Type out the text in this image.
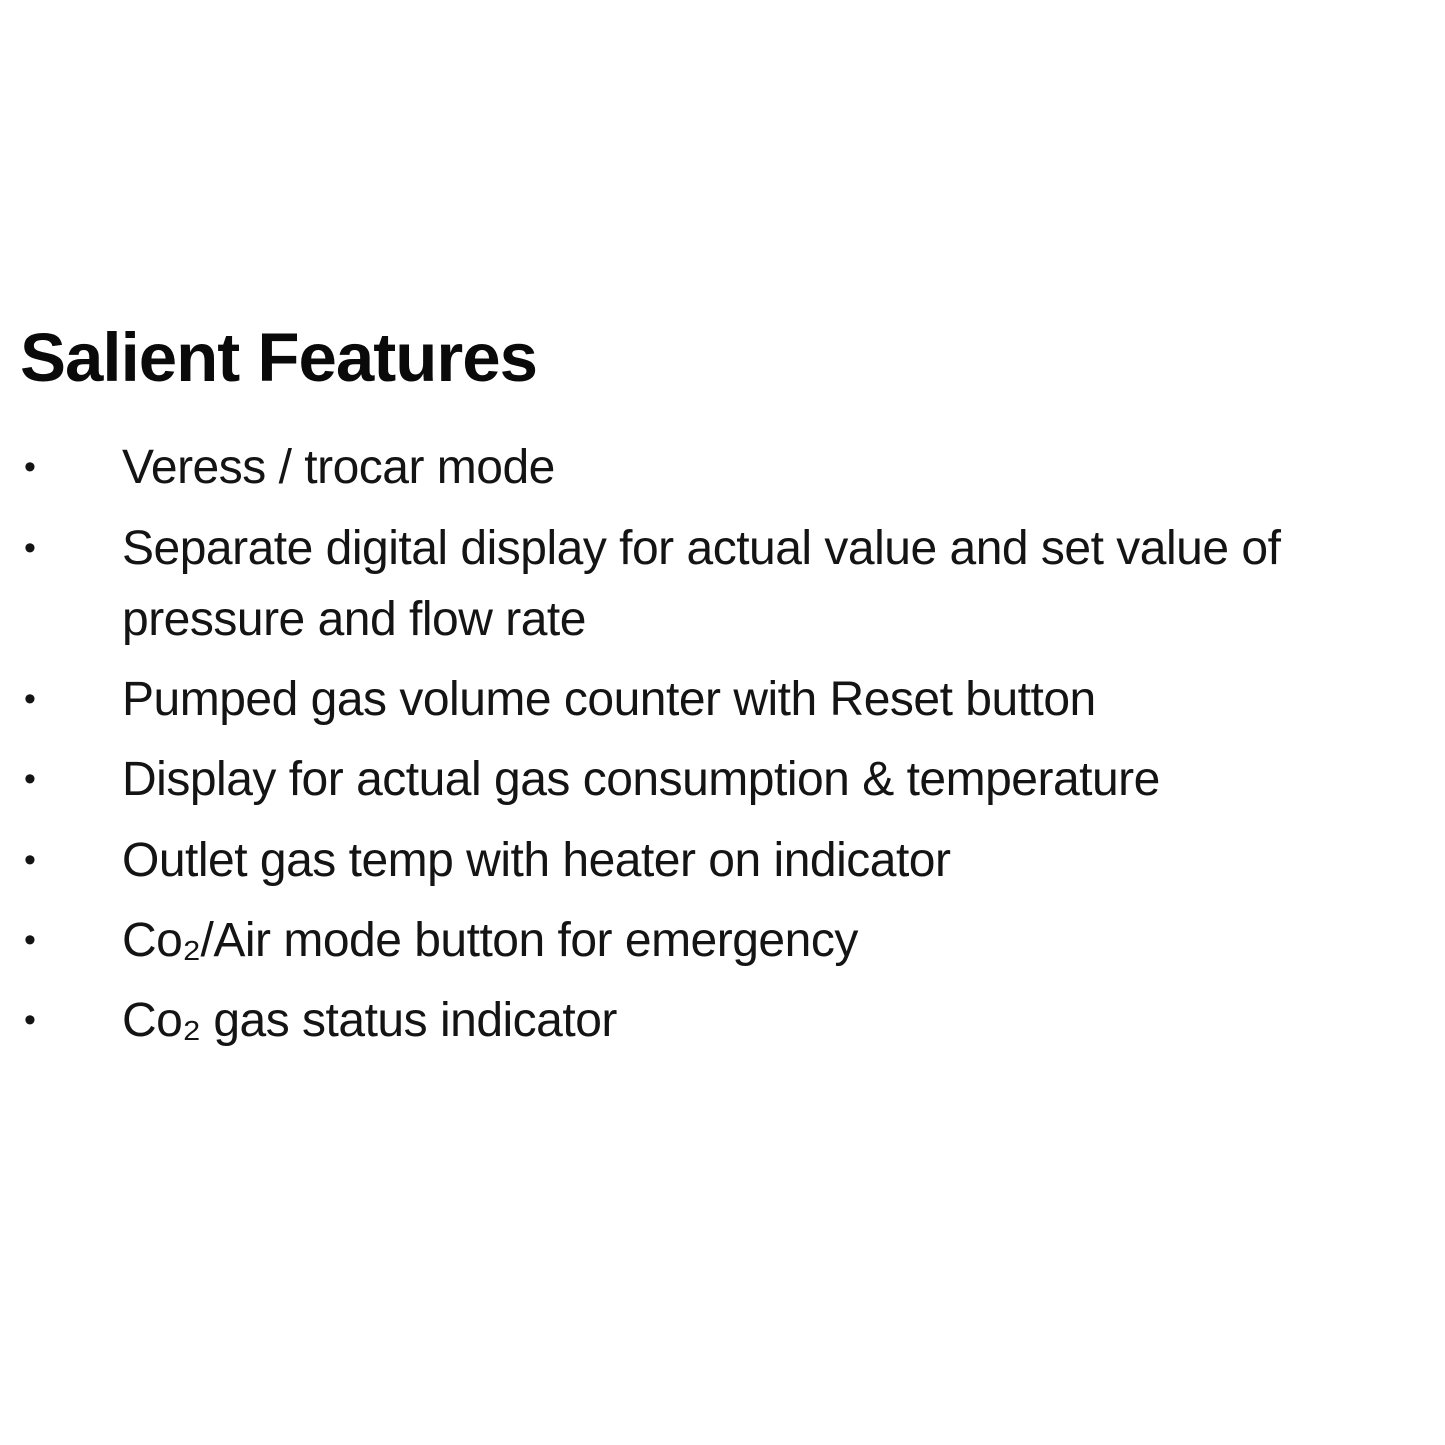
Salient Features
•	Veress / trocar mode
•	Separate digital display for actual value and set value of pressure and flow rate
•	Pumped gas volume counter with Reset button
•	Display for actual gas consumption & temperature
•	Outlet gas temp with heater on indicator
•	Co₂/Air mode button for emergency
•	Co₂ gas status indicator
